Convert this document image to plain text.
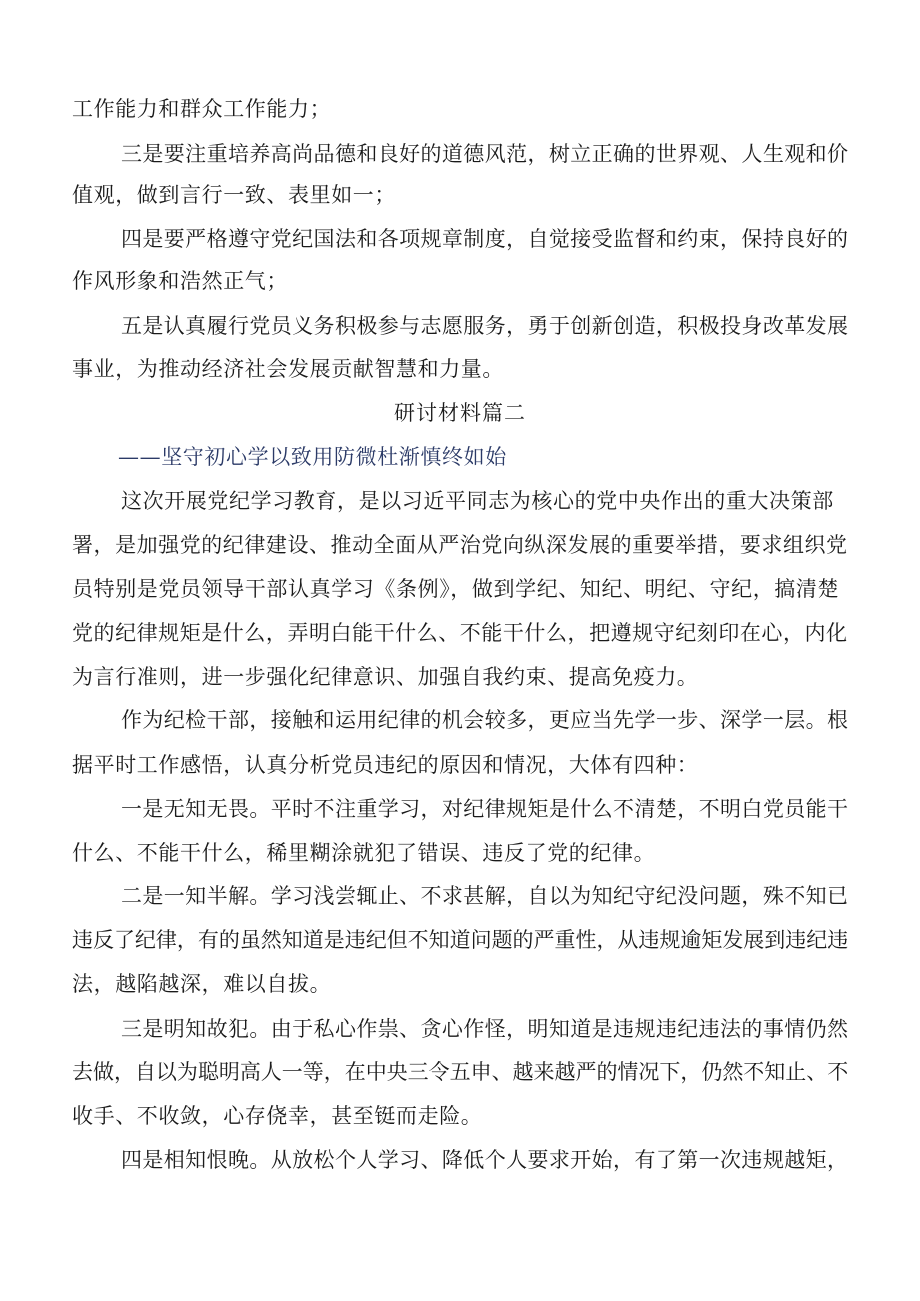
工作能力和群众工作能力；
三是要注重培养高尚品德和良好的道德风范，树立正确的世界观、人生观和价
值观，做到言行一致、表里如一；
四是要严格遵守党纪国法和各项规章制度，自觉接受监督和约束，保持良好的
作风形象和浩然正气；
五是认真履行党员义务积极参与志愿服务，勇于创新创造，积极投身改革发展
事业，为推动经济社会发展贡献智慧和力量。
研讨材料篇二
——坚守初心学以致用防微杜渐慎终如始
这次开展党纪学习教育，是以习近平同志为核心的党中央作出的重大决策部
署，是加强党的纪律建设、推动全面从严治党向纵深发展的重要举措，要求组织党
员特别是党员领导干部认真学习《条例》，做到学纪、知纪、明纪、守纪，搞清楚
党的纪律规矩是什么，弄明白能干什么、不能干什么，把遵规守纪刻印在心，内化
为言行准则，进一步强化纪律意识、加强自我约束、提高免疫力。
作为纪检干部，接触和运用纪律的机会较多，更应当先学一步、深学一层。根
据平时工作感悟，认真分析党员违纪的原因和情况，大体有四种：
一是无知无畏。平时不注重学习，对纪律规矩是什么不清楚，不明白党员能干
什么、不能干什么，稀里糊涂就犯了错误、违反了党的纪律。
二是一知半解。学习浅尝辄止、不求甚解，自以为知纪守纪没问题，殊不知已
违反了纪律，有的虽然知道是违纪但不知道问题的严重性，从违规逾矩发展到违纪违
法，越陷越深，难以自拔。
三是明知故犯。由于私心作祟、贪心作怪，明知道是违规违纪违法的事情仍然
去做，自以为聪明高人一等，在中央三令五申、越来越严的情况下，仍然不知止、不
收手、不收敛，心存侥幸，甚至铤而走险。
四是相知恨晚。从放松个人学习、降低个人要求开始，有了第一次违规越矩，
